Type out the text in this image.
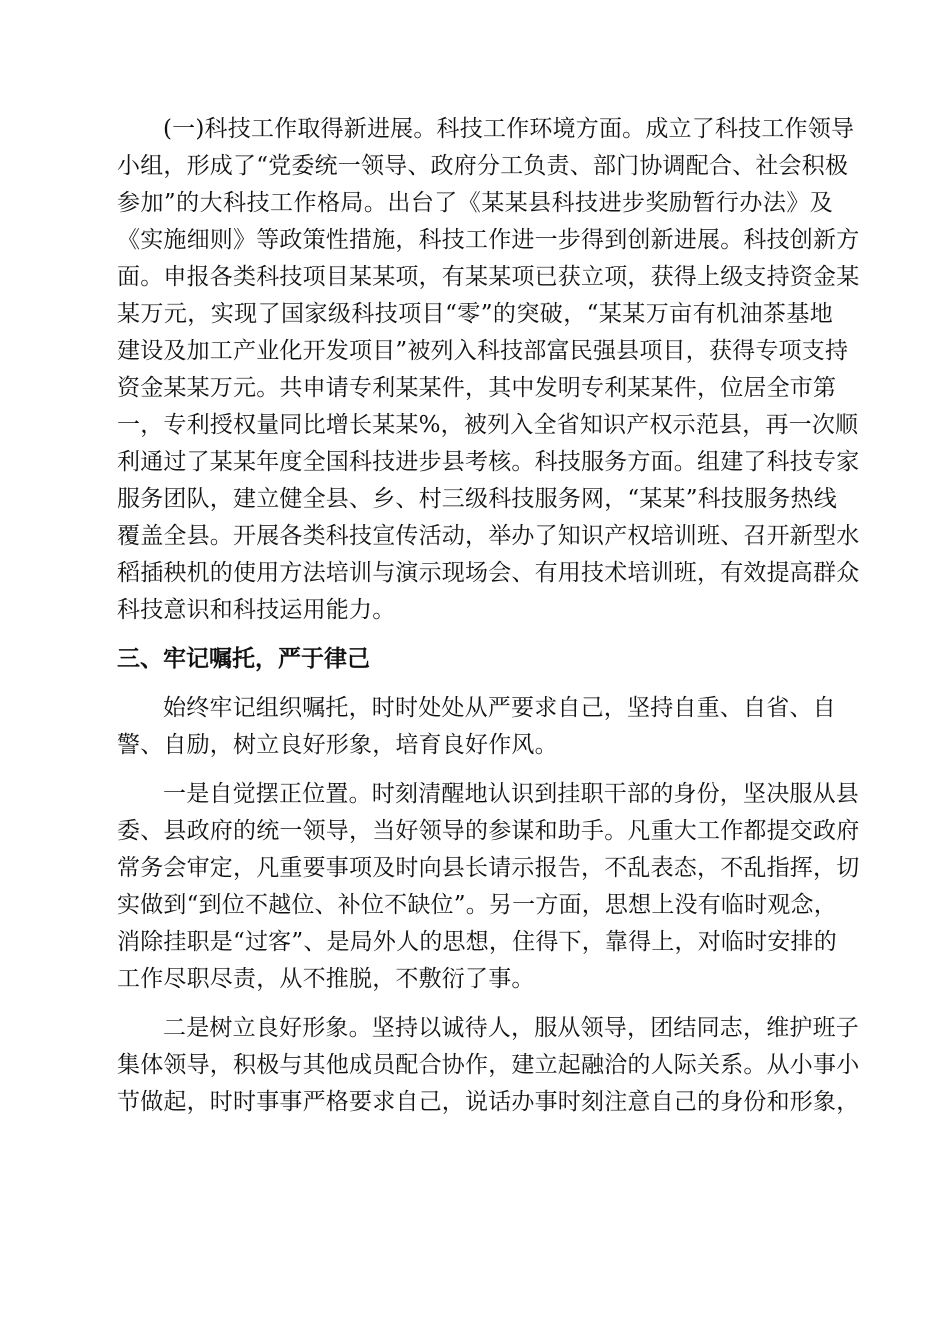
(一)科技工作取得新进展。科技工作环境方面。成立了科技工作领导
小组，形成了“党委统一领导、政府分工负责、部门协调配合、社会积极
参加”的大科技工作格局。出台了《某某县科技进步奖励暂行办法》及
《实施细则》等政策性措施，科技工作进一步得到创新进展。科技创新方
面。申报各类科技项目某某项，有某某项已获立项，获得上级支持资金某
某万元，实现了国家级科技项目“零”的突破，“某某万亩有机油茶基地
建设及加工产业化开发项目”被列入科技部富民强县项目，获得专项支持
资金某某万元。共申请专利某某件，其中发明专利某某件，位居全市第
一，专利授权量同比增长某某%，被列入全省知识产权示范县，再一次顺
利通过了某某年度全国科技进步县考核。科技服务方面。组建了科技专家
服务团队，建立健全县、乡、村三级科技服务网，“某某”科技服务热线
覆盖全县。开展各类科技宣传活动，举办了知识产权培训班、召开新型水
稻插秧机的使用方法培训与演示现场会、有用技术培训班，有效提高群众
科技意识和科技运用能力。
三、牢记嘱托，严于律己
始终牢记组织嘱托，时时处处从严要求自己，坚持自重、自省、自
警、自励，树立良好形象，培育良好作风。
一是自觉摆正位置。时刻清醒地认识到挂职干部的身份，坚决服从县
委、县政府的统一领导，当好领导的参谋和助手。凡重大工作都提交政府
常务会审定，凡重要事项及时向县长请示报告，不乱表态，不乱指挥，切
实做到“到位不越位、补位不缺位”。另一方面，思想上没有临时观念，
消除挂职是“过客”、是局外人的思想，住得下，靠得上，对临时安排的
工作尽职尽责，从不推脱，不敷衍了事。
二是树立良好形象。坚持以诚待人，服从领导，团结同志，维护班子
集体领导，积极与其他成员配合协作，建立起融洽的人际关系。从小事小
节做起，时时事事严格要求自己，说话办事时刻注意自己的身份和形象，
